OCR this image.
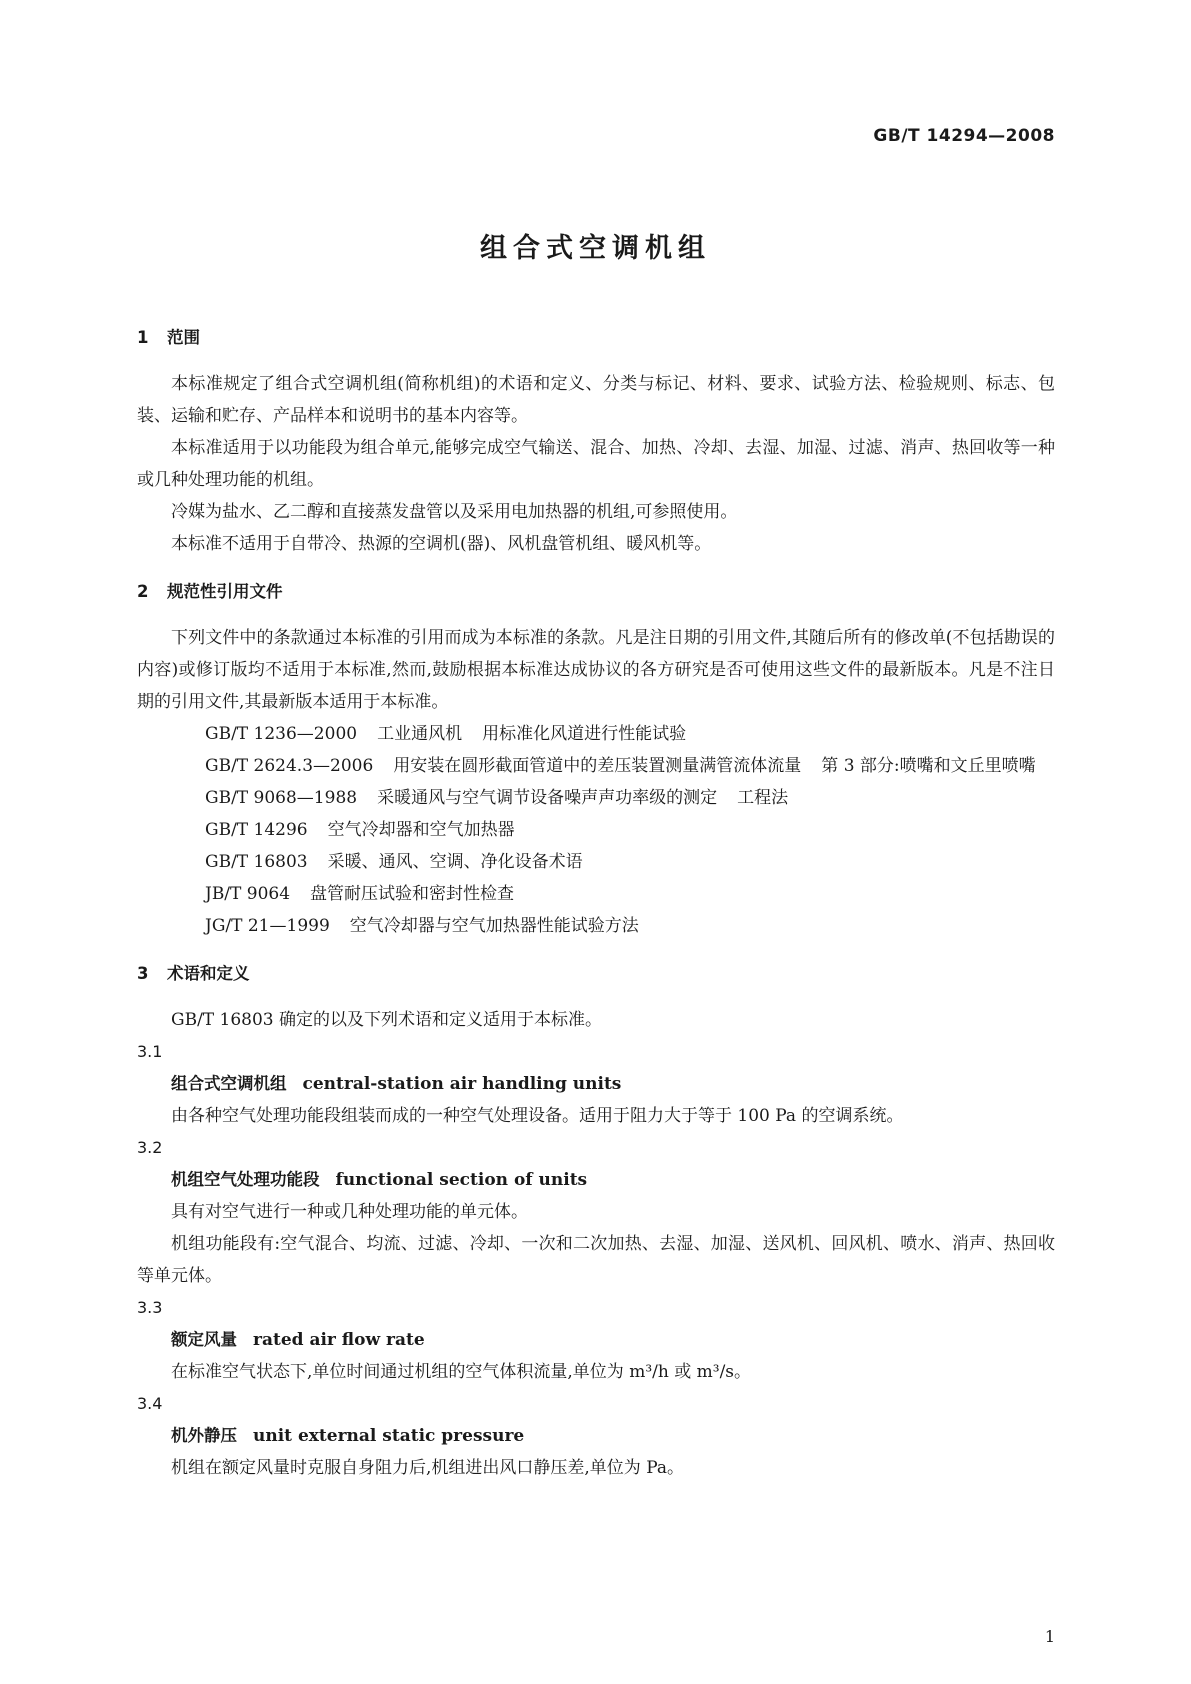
GB/T 14294—2008
组合式空调机组
1 范围

本标准规定了组合式空调机组(简称机组)的术语和定义、分类与标记、材料、要求、试验方法、检验规则、标志、包装、运输和贮存、产品样本和说明书的基本内容等。

本标准适用于以功能段为组合单元,能够完成空气输送、混合、加热、冷却、去湿、加湿、过滤、消声、热回收等一种或几种处理功能的机组。

冷媒为盐水、乙二醇和直接蒸发盘管以及采用电加热器的机组,可参照使用。

本标准不适用于自带冷、热源的空调机(器)、风机盘管机组、暖风机等。

2 规范性引用文件

下列文件中的条款通过本标准的引用而成为本标准的条款。凡是注日期的引用文件,其随后所有的修改单(不包括勘误的内容)或修订版均不适用于本标准,然而,鼓励根据本标准达成协议的各方研究是否可使用这些文件的最新版本。凡是不注日期的引用文件,其最新版本适用于本标准。

GB/T 1236—2000 工业通风机 用标准化风道进行性能试验

GB/T 2624.3—2006 用安装在圆形截面管道中的差压装置测量满管流体流量 第 3 部分:喷嘴和文丘里喷嘴

GB/T 9068—1988 采暖通风与空气调节设备噪声声功率级的测定 工程法

GB/T 14296 空气冷却器和空气加热器

GB/T 16803 采暖、通风、空调、净化设备术语

JB/T 9064 盘管耐压试验和密封性检查

JG/T 21—1999 空气冷却器与空气加热器性能试验方法

3 术语和定义

GB/T 16803 确定的以及下列术语和定义适用于本标准。

3.1
组合式空调机组 central-station air handling units

由各种空气处理功能段组装而成的一种空气处理设备。适用于阻力大于等于 100 Pa 的空调系统。

3.2
机组空气处理功能段 functional section of units

具有对空气进行一种或几种处理功能的单元体。

机组功能段有:空气混合、均流、过滤、冷却、一次和二次加热、去湿、加湿、送风机、回风机、喷水、消声、热回收等单元体。

3.3
额定风量 rated air flow rate

在标准空气状态下,单位时间通过机组的空气体积流量,单位为 m³/h 或 m³/s。

3.4
机外静压 unit external static pressure

机组在额定风量时克服自身阻力后,机组进出风口静压差,单位为 Pa。

1
